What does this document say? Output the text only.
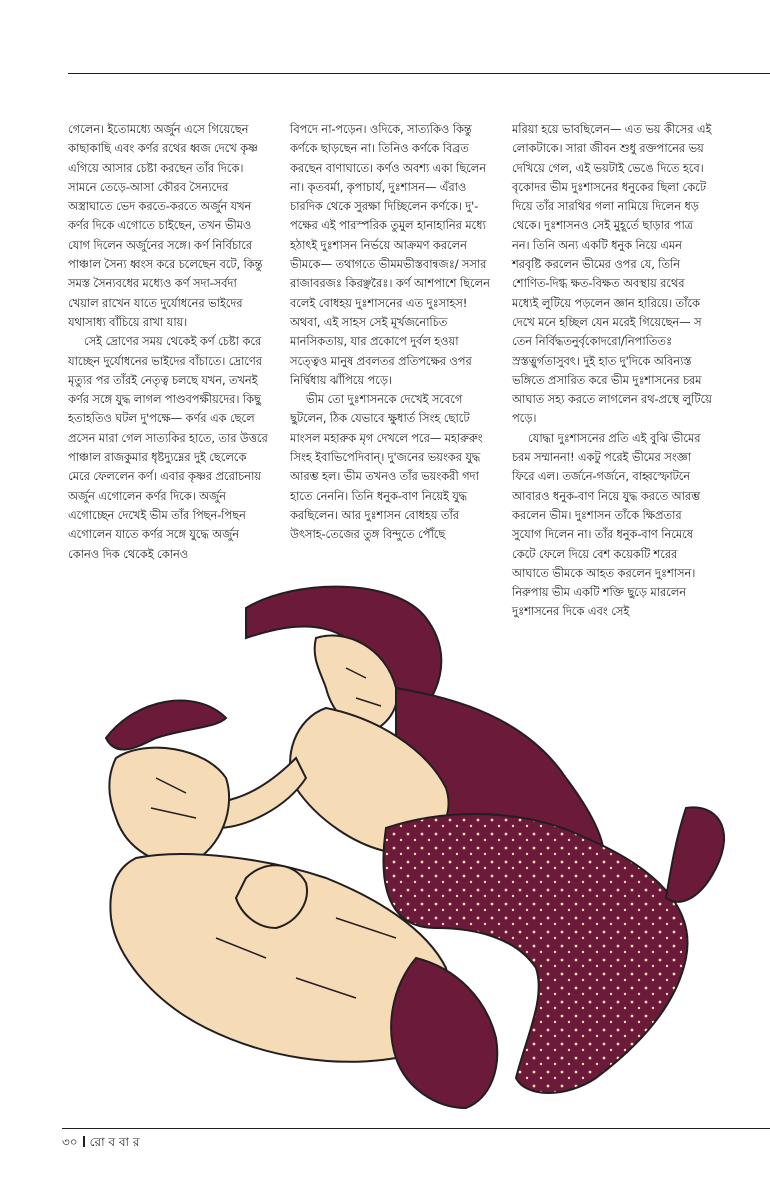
গেলেন। ইতোমধ্যে অর্জুন এসে গিয়েছেন কাছাকাছি এবং কর্ণর রথের ধ্বজ দেখে কৃষ্ণ এগিয়ে আসার চেষ্টা করছেন তাঁর দিকে। সামনে তেড়ে-আসা কৌরব সৈন্যদের অস্ত্রাঘাতে ভেদ করতে-করতে অর্জুন যখন কর্ণর দিকে এগোতে চাইছেন, তখন ভীমও যোগ দিলেন অর্জুনের সঙ্গে। কর্ণ নির্বিচারে পাঞ্চাল সৈন্য ধ্বংস করে চলেছেন বটে, কিন্তু সমস্ত সৈন্যবধের মধ্যেও কর্ণ সদা-সর্বদা খেয়াল রাখেন যাতে দুর্যোধনের ভাইদের যথাসাধ্য বাঁচিয়ে রাখা যায়।

সেই দ্রোণের সময় থেকেই কর্ণ চেষ্টা করে যাচ্ছেন দুর্যোধনের ভাইদের বাঁচাতে। দ্রোণের মৃত্যুর পর তাঁরই নেতৃত্ব চলছে যখন, তখনই কর্ণর সঙ্গে যুদ্ধ লাগল পাণ্ডবপক্ষীয়দের। কিছু হতাহতিও ঘটল দু'পক্ষে— কর্ণর এক ছেলে প্রসেন মারা গেল সাত্যকির হাতে, তার উত্তরে পাঞ্চাল রাজকুমার ধৃষ্টদ্যুম্নের দুই ছেলেকে মেরে ফেললেন কর্ণ। এবার কৃষ্ণর প্ররোচনায় অর্জুন এগোলেন কর্ণর দিকে। অর্জুন এগোচ্ছেন দেখেই ভীম তাঁর পিছন-পিছন এগোলেন যাতে কর্ণর সঙ্গে যুদ্ধে অর্জুন কোনও দিক থেকেই কোনও

বিপদে না-পড়েন। ওদিকে, সাত্যকিও কিন্তু কর্ণকে ছাড়ছেন না। তিনিও কর্ণকে বিব্রত করছেন বাণাঘাতে। কর্ণও অবশ্য একা ছিলেন না। কৃতবর্মা, কৃপাচার্য, দুঃশাসন— এঁরাও চারদিক থেকে সুরক্ষা দিচ্ছিলেন কর্ণকে। দু'-পক্ষের এই পারস্পরিক তুমুল হানাহানির মধ্যে হঠাৎই দুঃশাসন নির্ভয়ে আক্রমণ করলেন ভীমকে— তথাগতে ভীমমভীস্তবান্বজঃ/ সসার রাজাবরজঃ কিরঞ্ছরৈঃ। কর্ণ আশপাশে ছিলেন বলেই বোধহয় দুঃশাসনের এত দুঃসাহস! অথবা, এই সাহস সেই মূর্খজনোচিত মানসিকতায়, যার প্রকোপে দুর্বল হওয়া সত্ত্বেও মানুষ প্রবলতর প্রতিপক্ষের ওপর নির্দ্বিধায় ঝাঁপিয়ে পড়ে।

ভীম তো দুঃশাসনকে দেখেই সবেগে ছুটলেন, ঠিক যেভাবে ক্ষুধার্ত সিংহ ছোটে মাংসল মহারুক মৃগ দেখলে পরে— মহারুরুং সিংহ ইবাভিপেদিবান্। দু'জনের ভয়ংকর যুদ্ধ আরম্ভ হল। ভীম তখনও তাঁর ভয়ংকরী গদা হাতে নেননি। তিনি ধনুক-বাণ নিয়েই যুদ্ধ করছিলেন। আর দুঃশাসন বোধহয় তাঁর উৎসাহ-তেজের তুঙ্গ বিন্দুতে পৌঁছে

মরিয়া হয়ে ভাবছিলেন— এত ভয় কীসের এই লোকটাকে। সারা জীবন শুধু রক্তপানের ভয় দেখিয়ে গেল, এই ভয়টাই ভেঙে দিতে হবে। বৃকোদর ভীম দুঃশাসনের ধনুকের ছিলা কেটে দিয়ে তাঁর সারথির গলা নামিয়ে দিলেন ধড় থেকে। দুঃশাসনও সেই মুহূর্তে ছাড়ার পাত্র নন। তিনি অন্য একটি ধনুক নিয়ে এমন শরবৃষ্টি করলেন ভীমের ওপর যে, তিনি শোণিত-দিগ্ধ ক্ষত-বিক্ষত অবস্থায় রথের মধ্যেই লুটিয়ে পড়লেন জ্ঞান হারিয়ে। তাঁকে দেখে মনে হচ্ছিল যেন মরেই গিয়েছেন— স তেন নির্বিদ্ধতনুর্বৃকোদরো/নিপাতিতঃ স্রস্তত্নুর্গতাসুবৎ। দুই হাত দু'দিকে অবিন্যস্ত ভঙ্গিতে প্রসারিত করে ভীম দুঃশাসনের চরম আঘাত সহ্য করতে লাগলেন রথ-প্রস্থে লুটিয়ে পড়ে।

যোদ্ধা দুঃশাসনের প্রতি এই বুঝি ভীমের চরম সম্মাননা! একটু পরেই ভীমের সংজ্ঞা ফিরে এল। তর্জনে-গর্জনে, বাহ্বস্ফোটনে আবারও ধনুক-বাণ নিয়ে যুদ্ধ করতে আরম্ভ করলেন ভীম। দুঃশাসন তাঁকে ক্ষিপ্রতার সুযোগ দিলেন না। তাঁর ধনুক-বাণ নিমেষে কেটে ফেলে দিয়ে বেশ কয়েকটি শরের আঘাতে ভীমকে আহত করলেন দুঃশাসন। নিরুপায় ভীম একটি শক্তি ছুড়ে মারলেন দুঃশাসনের দিকে এবং সেই

৩০ রো ব বা র
